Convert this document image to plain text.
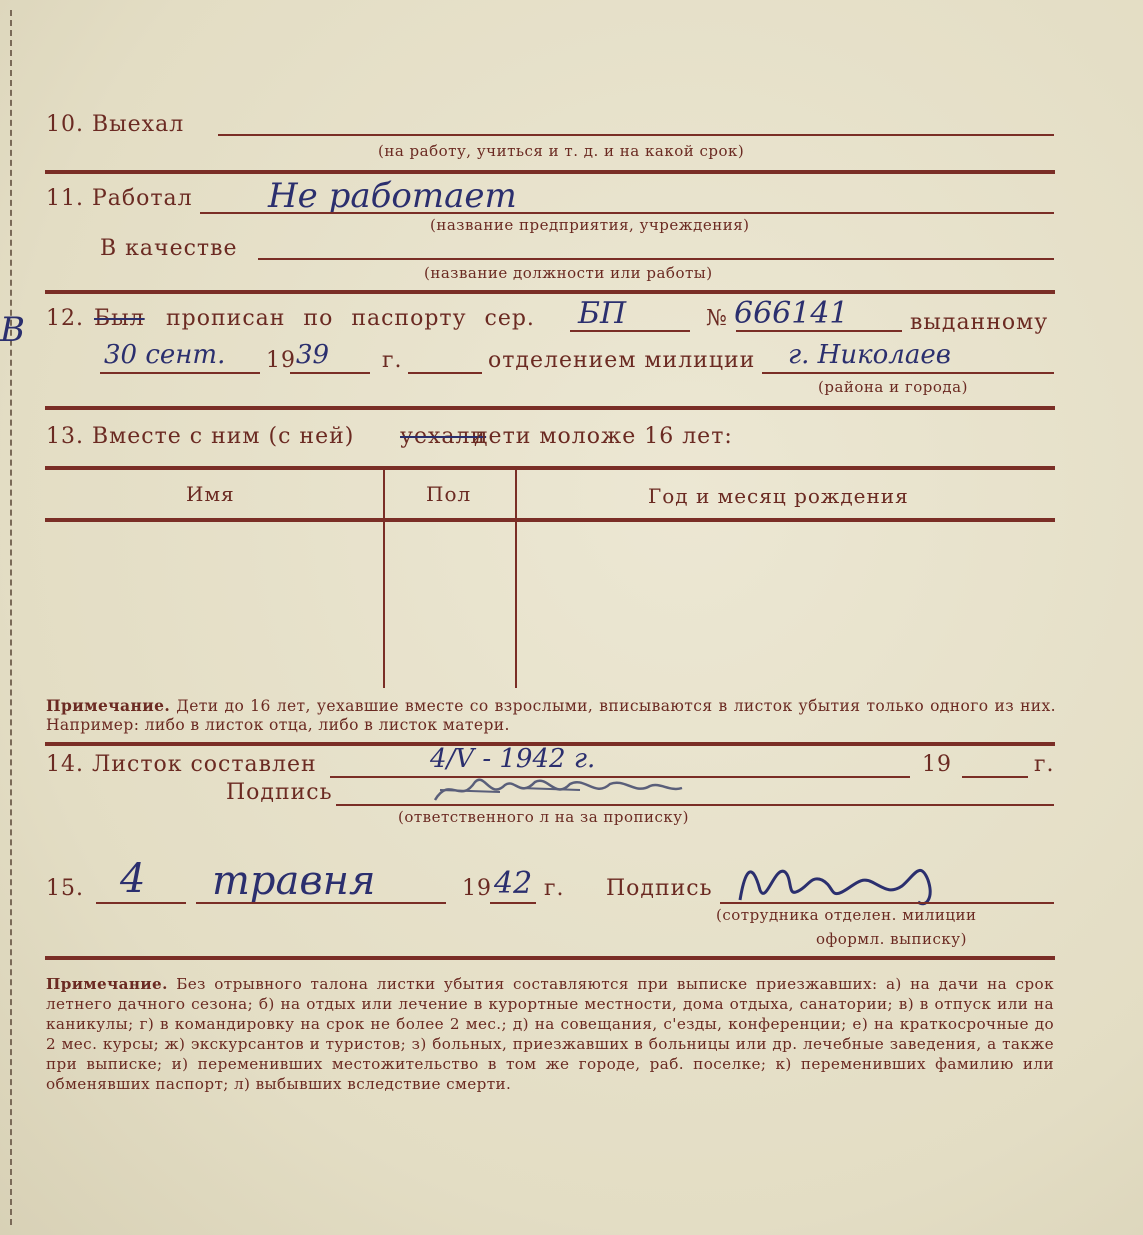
В
10. Выехал
(на работу, учиться и т. д. и на какой срок)
11. Работал Не работает
(название предприятия, учреждения)
В качестве
(название должности или работы)
12. Был прописан по паспорту сер. БП	№ 666141	выданному
30 сент. 19 39 г.	отделением милиции г. Николаев
(района и города)
13. Вместе с ним (с ней) уехали
дети моложе 16 лет:
Имя	Пол	Год и месяц рождения
Примечание. Дети до 16 лет, уехавшие вместе со взрослыми, вписываются в листок убытия только одного из них. Например: либо в листок отца, либо в листок матери.
14. Листок составлен	4/V - 1942 г.	19	г.
Подпись
(ответственного л на за прописку)
15. 4 травня	19 42 г. Подпись
(сотрудника отделен. милиции
оформл. выписку)
Примечание. Без отрывного талона листки убытия составляются при выписке приезжавших: а) на дачи на срок летнего дачного сезона; б) на отдых или лечение в курортные местности, дома отдыха, санатории; в) в отпуск или на каникулы; г) в командировку на срок не более 2 мес.; д) на совещания, с'езды, конференции; е) на краткосрочные до 2 мес. курсы; ж) экскурсантов и туристов; з) больных, приезжавших в больницы или др. лечебные заведения, а также при выписке; и) переменивших местожительство в том же городе, раб. поселке; к) переменивших фамилию или обменявших паспорт; л) выбывших вследствие смерти.
